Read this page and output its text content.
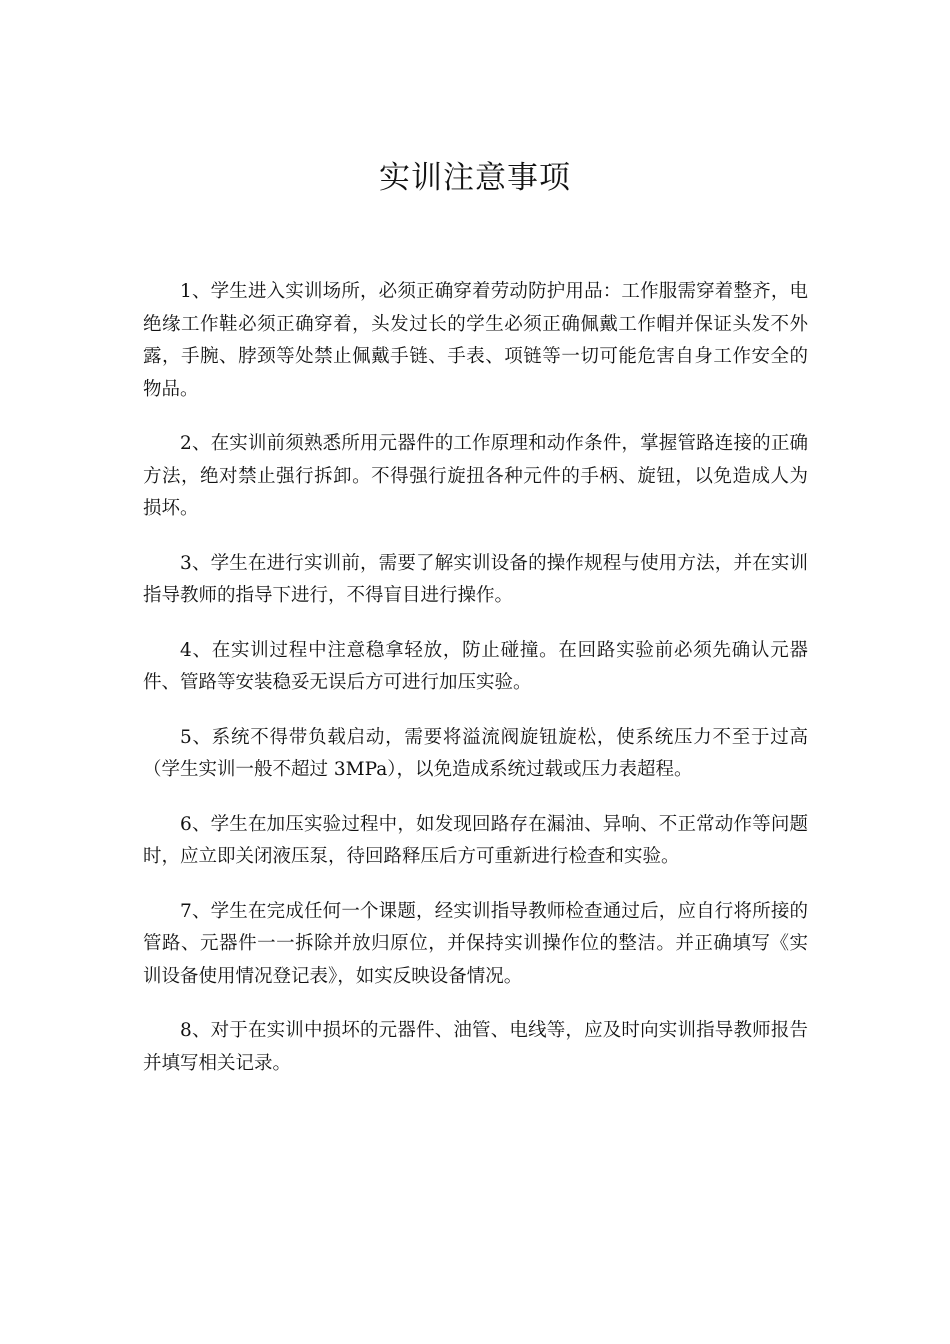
实训注意事项

1、学生进入实训场所，必须正确穿着劳动防护用品：工作服需穿着整齐，电绝缘工作鞋必须正确穿着，头发过长的学生必须正确佩戴工作帽并保证头发不外露，手腕、脖颈等处禁止佩戴手链、手表、项链等一切可能危害自身工作安全的物品。

2、在实训前须熟悉所用元器件的工作原理和动作条件，掌握管路连接的正确方法，绝对禁止强行拆卸。不得强行旋扭各种元件的手柄、旋钮，以免造成人为损坏。

3、学生在进行实训前，需要了解实训设备的操作规程与使用方法，并在实训指导教师的指导下进行，不得盲目进行操作。

4、在实训过程中注意稳拿轻放，防止碰撞。在回路实验前必须先确认元器件、管路等安装稳妥无误后方可进行加压实验。

5、系统不得带负载启动，需要将溢流阀旋钮旋松，使系统压力不至于过高（学生实训一般不超过 3MPa），以免造成系统过载或压力表超程。

6、学生在加压实验过程中，如发现回路存在漏油、异响、不正常动作等问题时，应立即关闭液压泵，待回路释压后方可重新进行检查和实验。

7、学生在完成任何一个课题，经实训指导教师检查通过后，应自行将所接的管路、元器件一一拆除并放归原位，并保持实训操作位的整洁。并正确填写《实训设备使用情况登记表》，如实反映设备情况。

8、对于在实训中损坏的元器件、油管、电线等，应及时向实训指导教师报告并填写相关记录。
